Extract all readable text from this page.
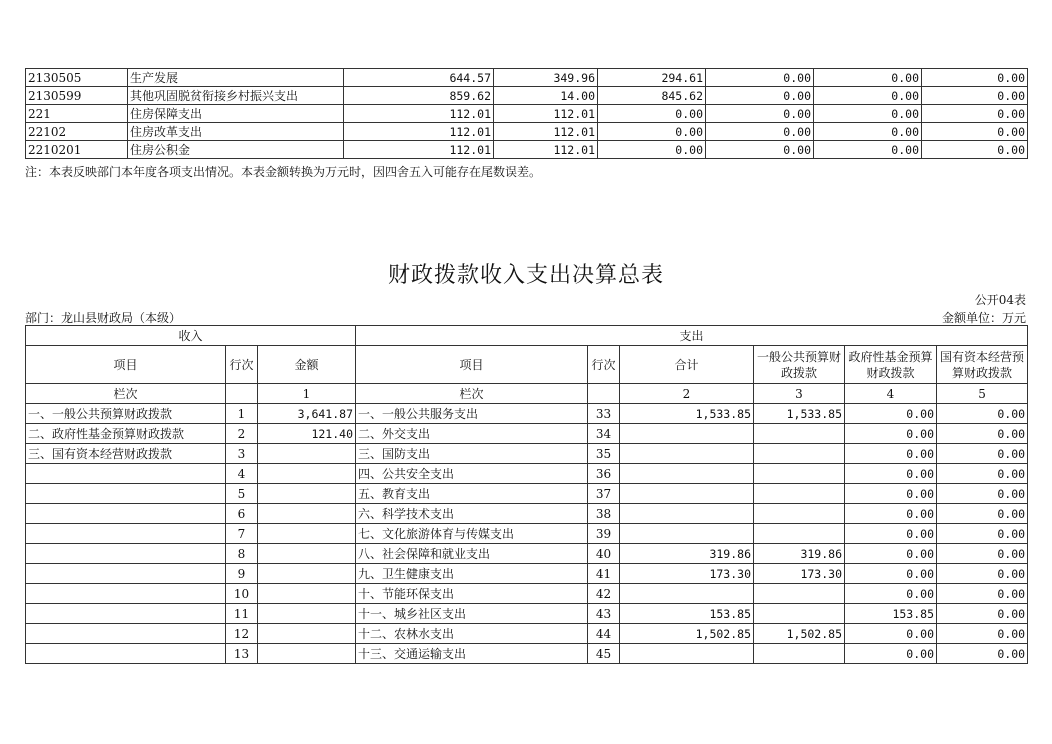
2130505	生产发展	644.57	349.96	294.61	0.00	0.00	0.00
2130599	其他巩固脱贫衔接乡村振兴支出	859.62	14.00	845.62	0.00	0.00	0.00
221	住房保障支出	112.01	112.01	0.00	0.00	0.00	0.00
22102	住房改革支出	112.01	112.01	0.00	0.00	0.00	0.00
2210201	住房公积金	112.01	112.01	0.00	0.00	0.00	0.00
注：本表反映部门本年度各项支出情况。本表金额转换为万元时，因四舍五入可能存在尾数误差。
财政拨款收入支出决算总表
公开04表
部门：龙山县财政局（本级）	金额单位：万元
收入			支出					
项目	行次	金额	项目	行次	合计	一般公共预算财政拨款	政府性基金预算财政拨款	国有资本经营预算财政拨款
栏次		1	栏次		2	3	4	5
一、一般公共预算财政拨款	1	3,641.87	一、一般公共服务支出	33	1,533.85	1,533.85	0.00	0.00
二、政府性基金预算财政拨款	2	121.40	二、外交支出	34			0.00	0.00
三、国有资本经营财政拨款	3		三、国防支出	35			0.00	0.00
	4		四、公共安全支出	36			0.00	0.00
	5		五、教育支出	37			0.00	0.00
	6		六、科学技术支出	38			0.00	0.00
	7		七、文化旅游体育与传媒支出	39			0.00	0.00
	8		八、社会保障和就业支出	40	319.86	319.86	0.00	0.00
	9		九、卫生健康支出	41	173.30	173.30	0.00	0.00
	10		十、节能环保支出	42			0.00	0.00
	11		十一、城乡社区支出	43	153.85		153.85	0.00
	12		十二、农林水支出	44	1,502.85	1,502.85	0.00	0.00
	13		十三、交通运输支出	45			0.00	0.00
